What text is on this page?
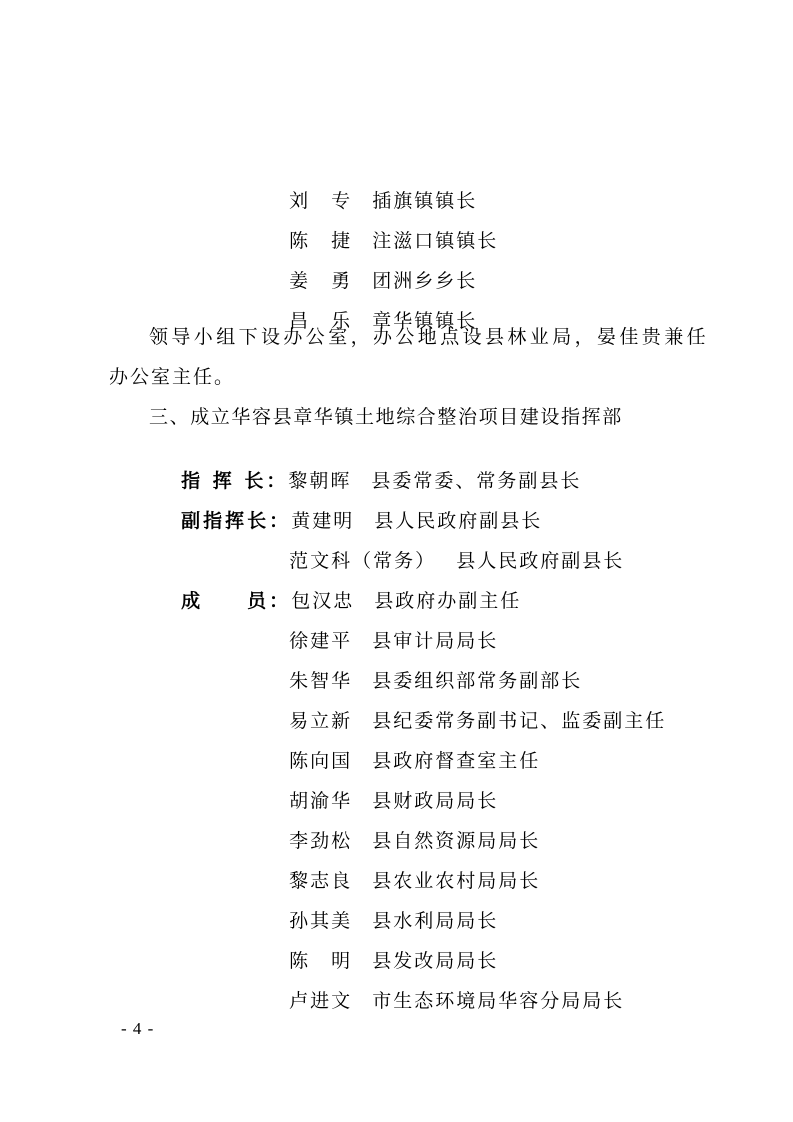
刘　专 插旗镇镇长

陈　捷 注滋口镇镇长

姜　勇 团洲乡乡长

昌　乐 章华镇镇长

领导小组下设办公室，办公地点设县林业局，晏佳贵兼任
办公室主任。
三、成立华容县章华镇土地综合整治项目建设指挥部

指 挥 长：黎朝晖 县委常委、常务副县长

副指挥长：黄建明 县人民政府副县长

范文科（常务） 县人民政府副县长

成　　员：包汉忠 县政府办副主任

徐建平 县审计局局长

朱智华 县委组织部常务副部长

易立新 县纪委常务副书记、监委副主任

陈向国 县政府督查室主任

胡渝华 县财政局局长

李劲松 县自然资源局局长

黎志良 县农业农村局局长

孙其美 县水利局局长

陈　明 县发改局局长

卢进文 市生态环境局华容分局局长

- 4 -
